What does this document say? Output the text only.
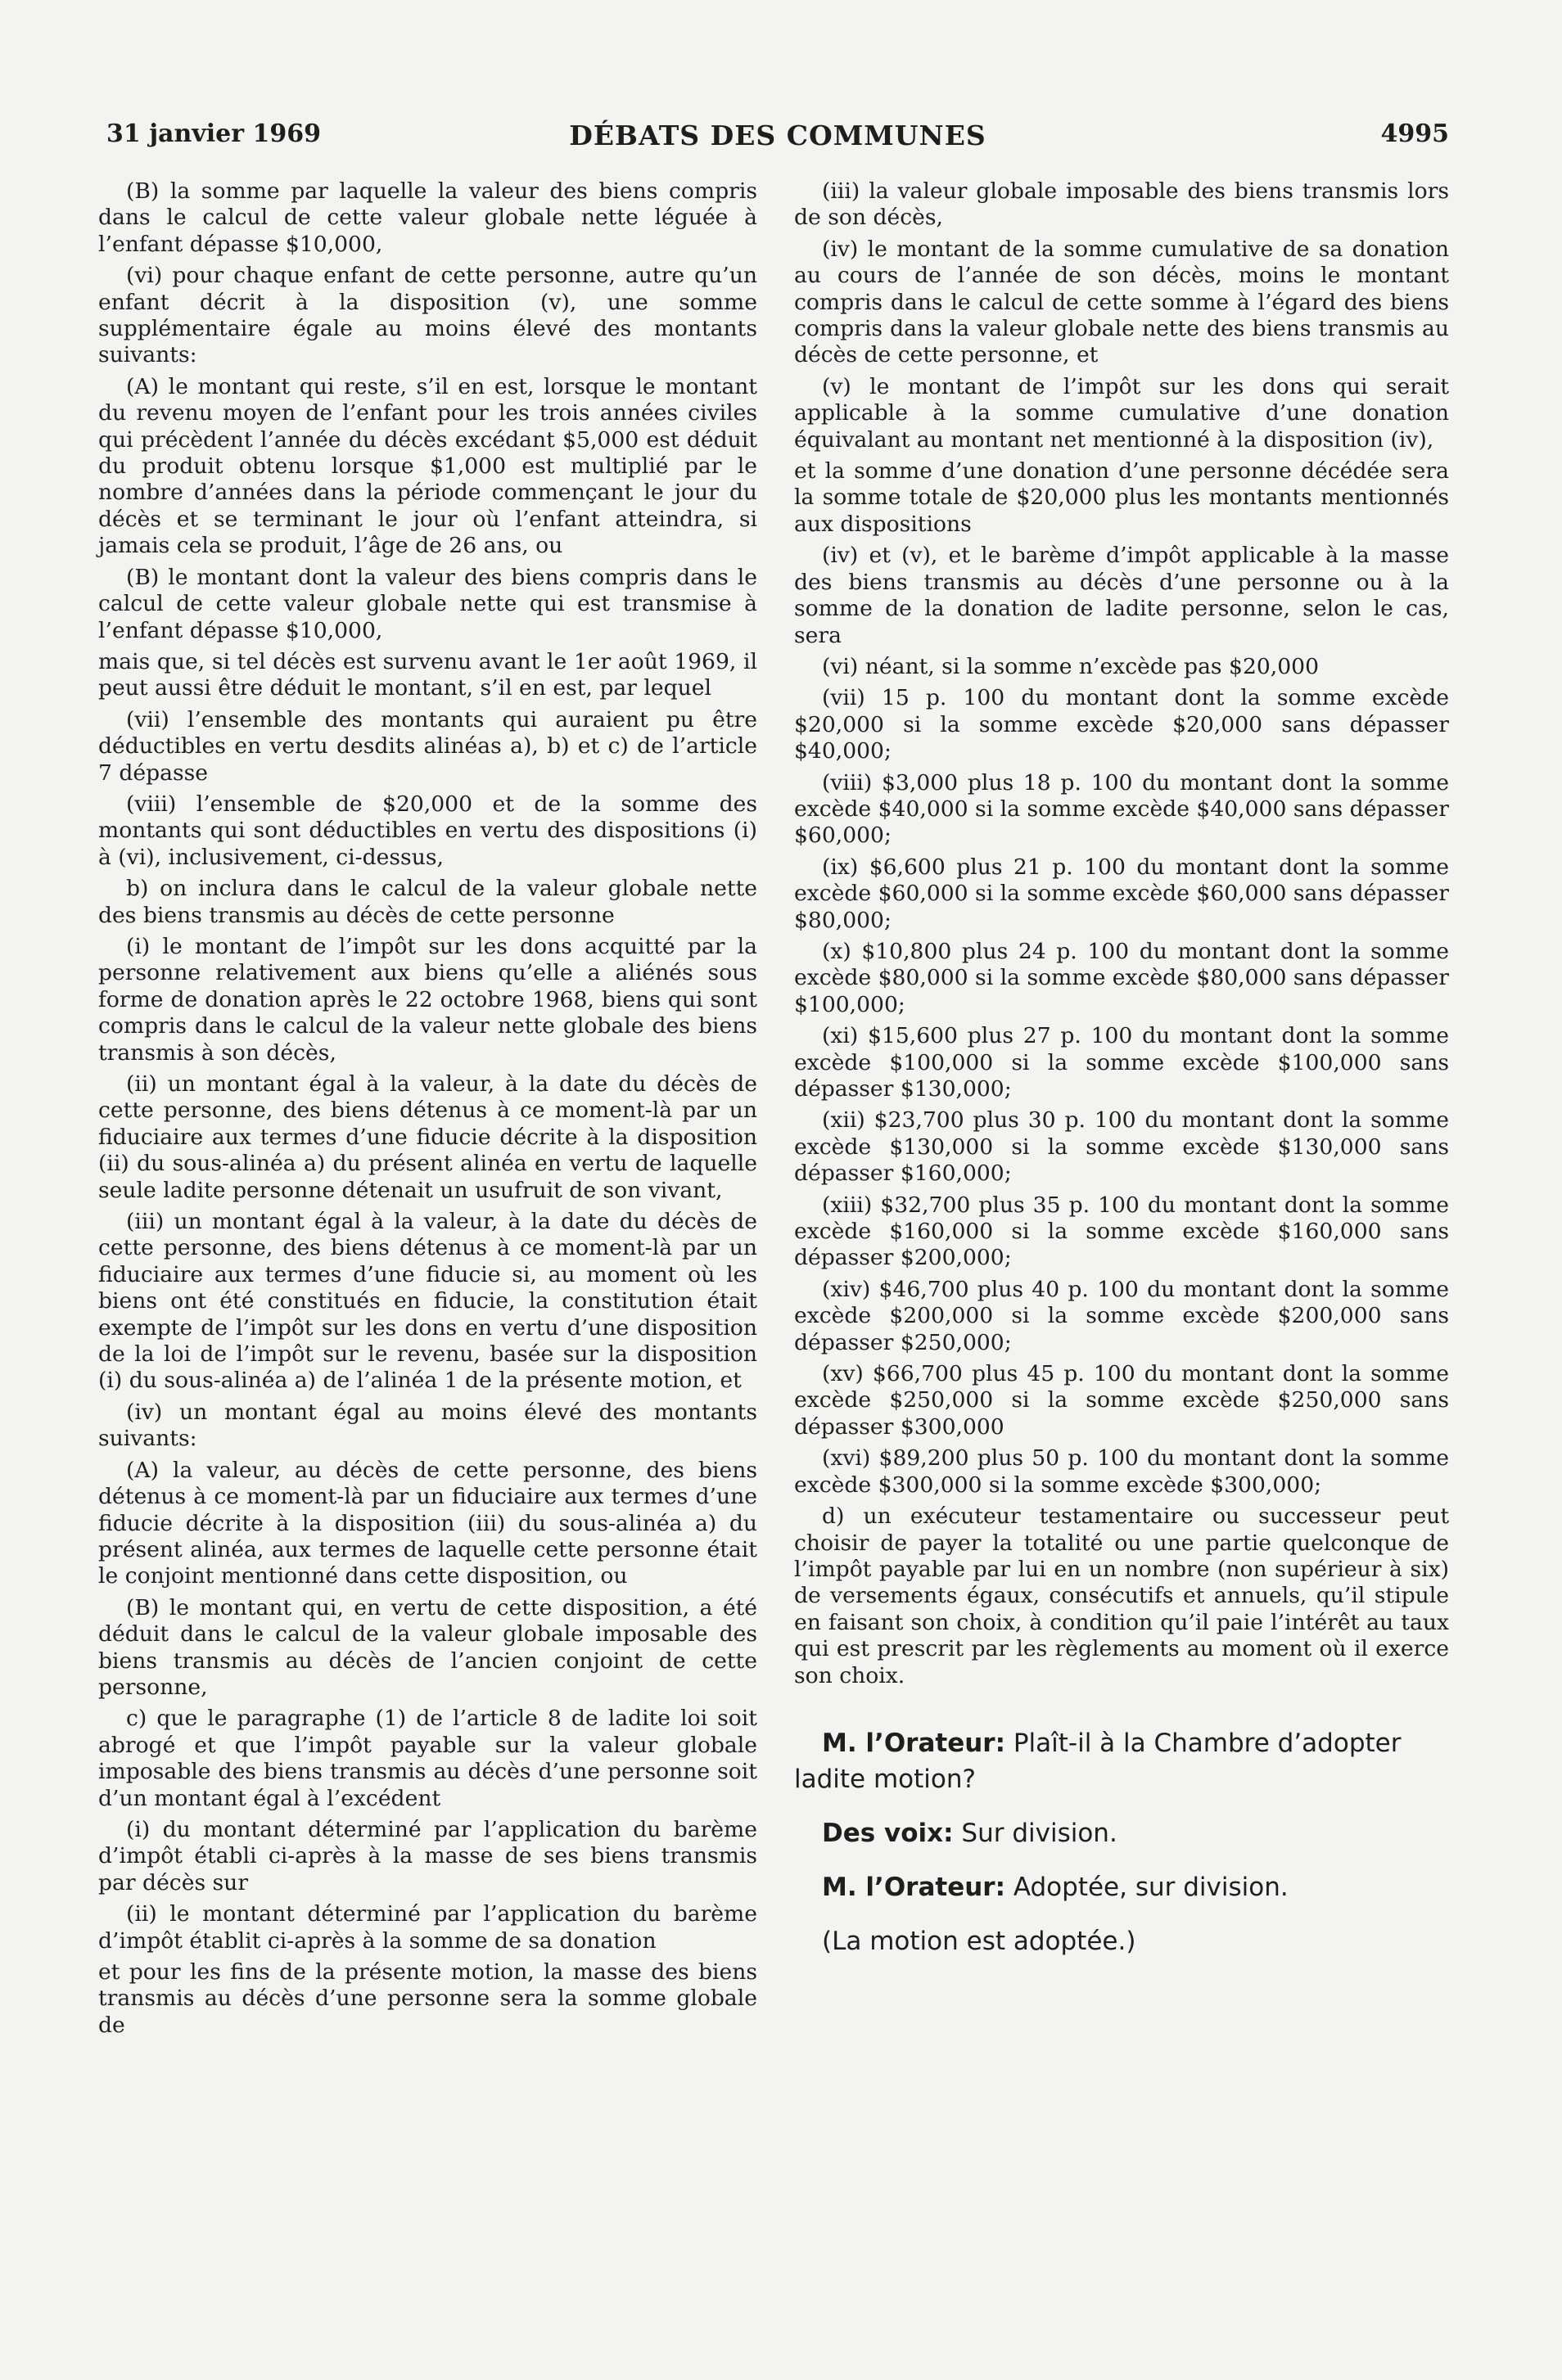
31 janvier 1969	DÉBATS DES COMMUNES	4995

(B) la somme par laquelle la valeur des biens compris dans le calcul de cette valeur globale nette léguée à l’enfant dépasse $10,000,

(vi) pour chaque enfant de cette personne, autre qu’un enfant décrit à la disposition (v), une somme supplémentaire égale au moins élevé des montants suivants:

(A) le montant qui reste, s’il en est, lorsque le montant du revenu moyen de l’enfant pour les trois années civiles qui précèdent l’année du décès excédant $5,000 est déduit du produit obtenu lorsque $1,000 est multiplié par le nombre d’années dans la période commençant le jour du décès et se terminant le jour où l’enfant atteindra, si jamais cela se produit, l’âge de 26 ans, ou

(B) le montant dont la valeur des biens compris dans le calcul de cette valeur globale nette qui est transmise à l’enfant dépasse $10,000,

mais que, si tel décès est survenu avant le 1er août 1969, il peut aussi être déduit le montant, s’il en est, par lequel

(vii) l’ensemble des montants qui auraient pu être déductibles en vertu desdits alinéas a), b) et c) de l’article 7 dépasse

(viii) l’ensemble de $20,000 et de la somme des montants qui sont déductibles en vertu des dispositions (i) à (vi), inclusivement, ci-dessus,

b) on inclura dans le calcul de la valeur globale nette des biens transmis au décès de cette personne

(i) le montant de l’impôt sur les dons acquitté par la personne relativement aux biens qu’elle a aliénés sous forme de donation après le 22 octobre 1968, biens qui sont compris dans le calcul de la valeur nette globale des biens transmis à son décès,

(ii) un montant égal à la valeur, à la date du décès de cette personne, des biens détenus à ce moment-là par un fiduciaire aux termes d’une fiducie décrite à la disposition (ii) du sous-alinéa a) du présent alinéa en vertu de laquelle seule ladite personne détenait un usufruit de son vivant,

(iii) un montant égal à la valeur, à la date du décès de cette personne, des biens détenus à ce moment-là par un fiduciaire aux termes d’une fiducie si, au moment où les biens ont été constitués en fiducie, la constitution était exempte de l’impôt sur les dons en vertu d’une disposition de la loi de l’impôt sur le revenu, basée sur la disposition (i) du sous-alinéa a) de l’alinéa 1 de la présente motion, et

(iv) un montant égal au moins élevé des montants suivants:

(A) la valeur, au décès de cette personne, des biens détenus à ce moment-là par un fiduciaire aux termes d’une fiducie décrite à la disposition (iii) du sous-alinéa a) du présent alinéa, aux termes de laquelle cette personne était le conjoint mentionné dans cette disposition, ou

(B) le montant qui, en vertu de cette disposition, a été déduit dans le calcul de la valeur globale imposable des biens transmis au décès de l’ancien conjoint de cette personne,

c) que le paragraphe (1) de l’article 8 de ladite loi soit abrogé et que l’impôt payable sur la valeur globale imposable des biens transmis au décès d’une personne soit d’un montant égal à l’excédent

(i) du montant déterminé par l’application du barème d’impôt établi ci-après à la masse de ses biens transmis par décès sur

(ii) le montant déterminé par l’application du barème d’impôt établit ci-après à la somme de sa donation

et pour les fins de la présente motion, la masse des biens transmis au décès d’une personne sera la somme globale de

(iii) la valeur globale imposable des biens transmis lors de son décès,

(iv) le montant de la somme cumulative de sa donation au cours de l’année de son décès, moins le montant compris dans le calcul de cette somme à l’égard des biens compris dans la valeur globale nette des biens transmis au décès de cette personne, et

(v) le montant de l’impôt sur les dons qui serait applicable à la somme cumulative d’une donation équivalant au montant net mentionné à la disposition (iv),

et la somme d’une donation d’une personne décédée sera la somme totale de $20,000 plus les montants mentionnés aux dispositions

(iv) et (v), et le barème d’impôt applicable à la masse des biens transmis au décès d’une personne ou à la somme de la donation de ladite personne, selon le cas, sera

(vi) néant, si la somme n’excède pas $20,000

(vii) 15 p. 100 du montant dont la somme excède $20,000 si la somme excède $20,000 sans dépasser $40,000;

(viii) $3,000 plus 18 p. 100 du montant dont la somme excède $40,000 si la somme excède $40,000 sans dépasser $60,000;

(ix) $6,600 plus 21 p. 100 du montant dont la somme excède $60,000 si la somme excède $60,000 sans dépasser $80,000;

(x) $10,800 plus 24 p. 100 du montant dont la somme excède $80,000 si la somme excède $80,000 sans dépasser $100,000;

(xi) $15,600 plus 27 p. 100 du montant dont la somme excède $100,000 si la somme excède $100,000 sans dépasser $130,000;

(xii) $23,700 plus 30 p. 100 du montant dont la somme excède $130,000 si la somme excède $130,000 sans dépasser $160,000;

(xiii) $32,700 plus 35 p. 100 du montant dont la somme excède $160,000 si la somme excède $160,000 sans dépasser $200,000;

(xiv) $46,700 plus 40 p. 100 du montant dont la somme excède $200,000 si la somme excède $200,000 sans dépasser $250,000;

(xv) $66,700 plus 45 p. 100 du montant dont la somme excède $250,000 si la somme excède $250,000 sans dépasser $300,000

(xvi) $89,200 plus 50 p. 100 du montant dont la somme excède $300,000 si la somme excède $300,000;

d) un exécuteur testamentaire ou successeur peut choisir de payer la totalité ou une partie quelconque de l’impôt payable par lui en un nombre (non supérieur à six) de versements égaux, consécutifs et annuels, qu’il stipule en faisant son choix, à condition qu’il paie l’intérêt au taux qui est prescrit par les règlements au moment où il exerce son choix.

M. l’Orateur: Plaît-il à la Chambre d’adopter ladite motion?

Des voix: Sur division.

M. l’Orateur: Adoptée, sur division.

(La motion est adoptée.)
